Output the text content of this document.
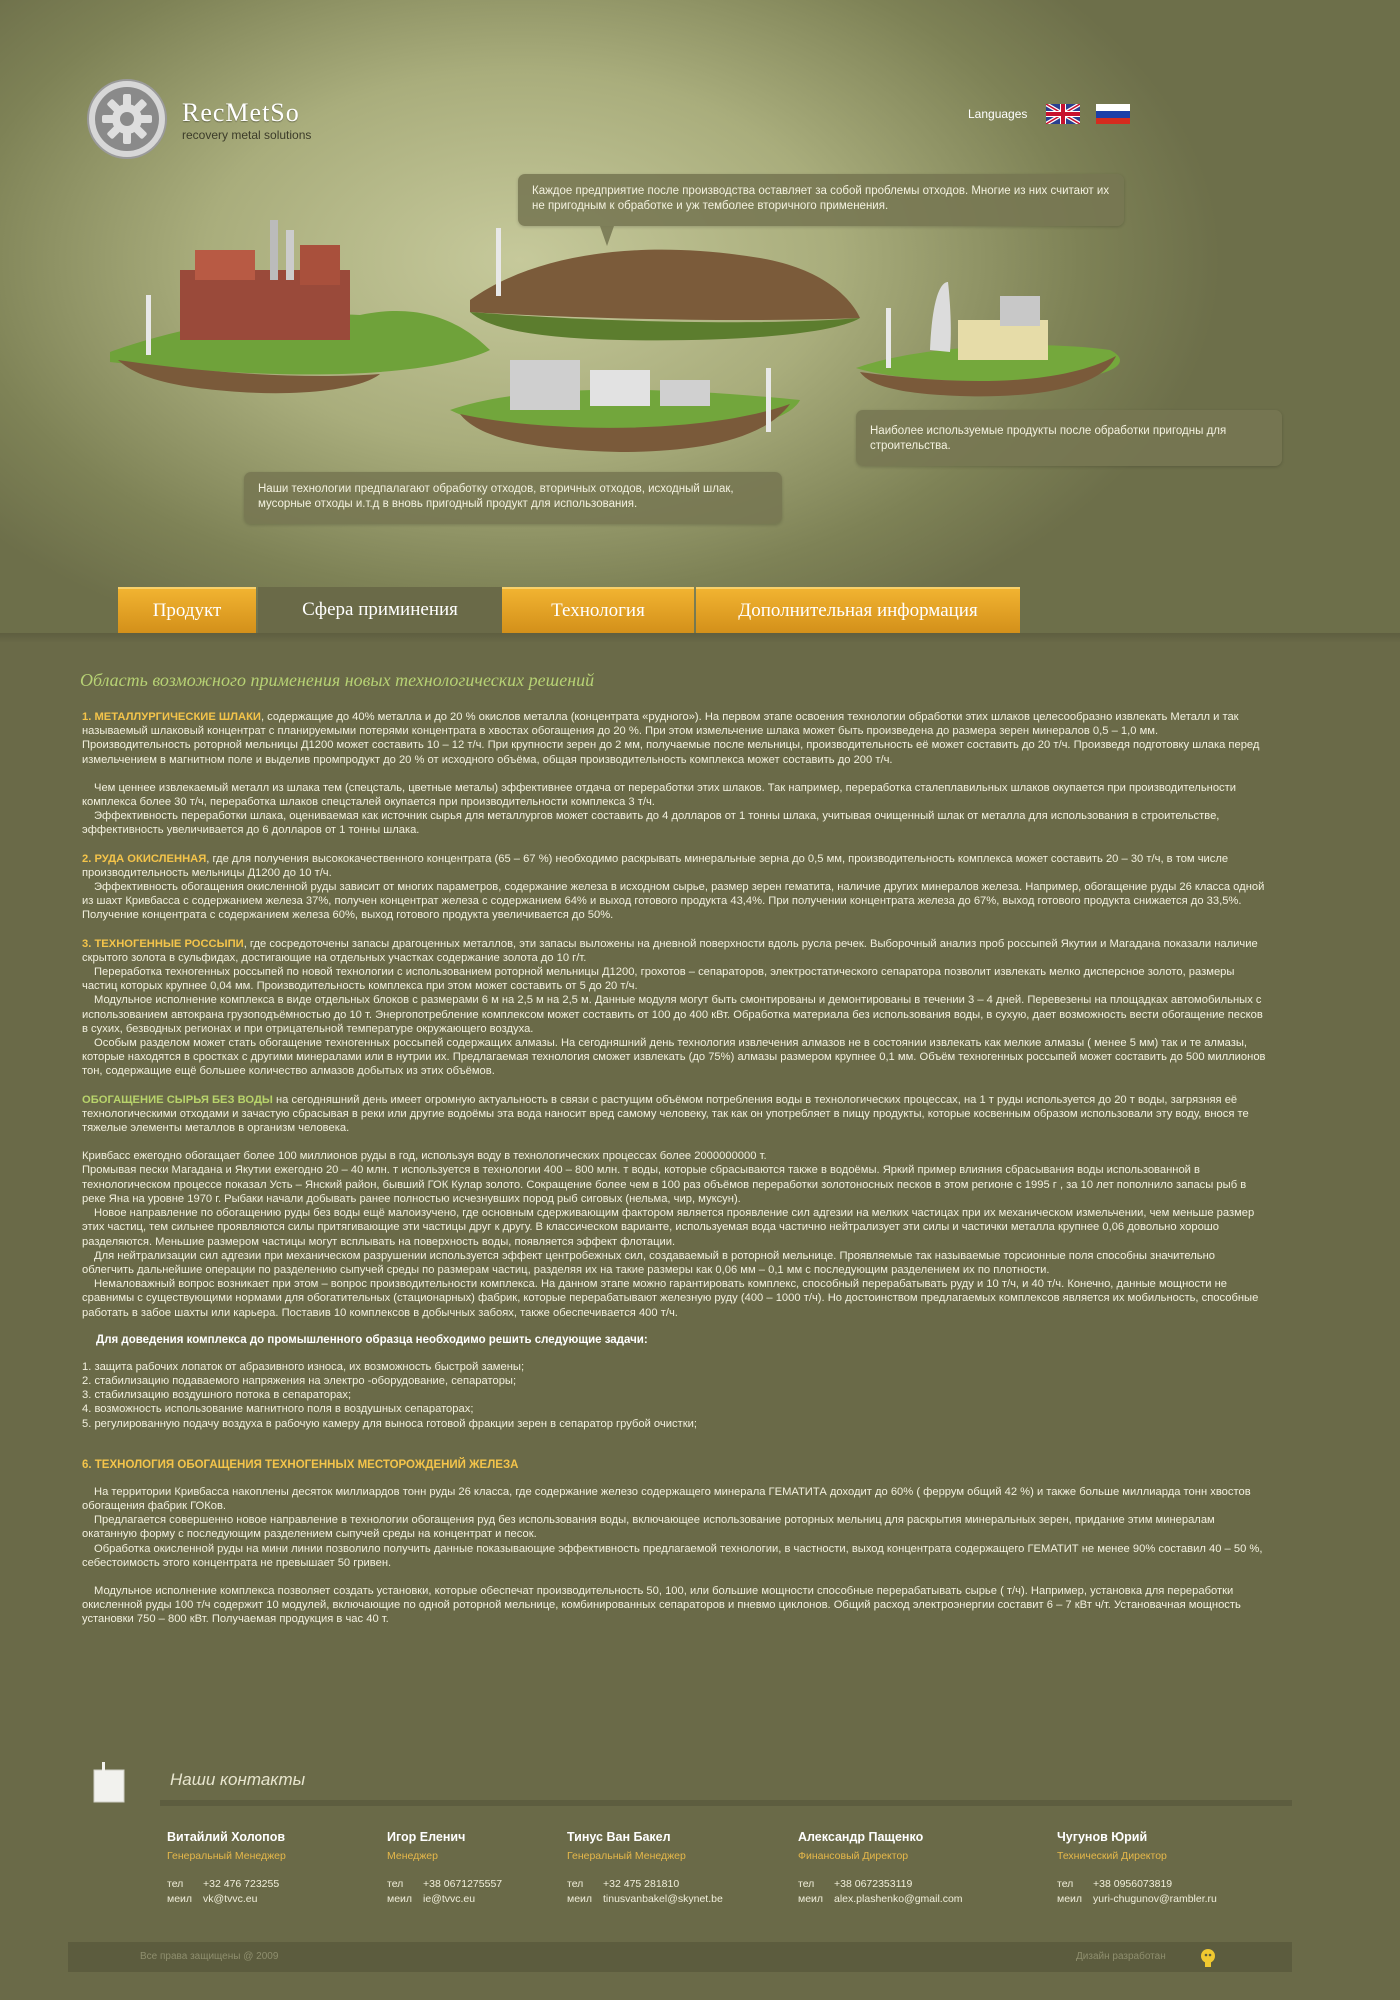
RecMetSo
recovery metal solutions
Languages
Каждое предприятие после производства оставляет за собой проблемы отходов. Многие из них считают их не пригодным к обработке и уж темболее вторичного применения.
Наиболее используемые продукты после обработки пригодны для строительства.
Наши технологии предпалагают обработку отходов, вторичных отходов, исходный шлак, мусорные отходы и.т.д в вновь пригодный продукт для использования.
Продукт	Сфера приминения	Технология	Дополнительная информация
Область возможного применения новых технологических решений

1. МЕТАЛЛУРГИЧЕСКИЕ ШЛАКИ, содержащие до 40% металла и до 20 % окислов металла (концентрата «рудного»). На первом этапе освоения технологии обработки этих шлаков целесообразно извлекать Металл и так называемый шлаковый концентрат с планируемыми потерями концентрата в хвостах обогащения до 20 %. При этом измельчение шлака может быть произведена до размера зерен минералов 0,5 – 1,0 мм. Производительность роторной мельницы Д1200 может составить 10 – 12 т/ч. При крупности зерен до 2 мм, получаемые после мельницы, производительность её может составить до 20 т/ч. Произведя подготовку шлака перед измельчением в магнитном поле и выделив промпродукт до 20 % от исходного объёма, общая производительность комплекса может составить до 200 т/ч.

Чем ценнее извлекаемый металл из шлака тем (спецсталь, цветные металы) эффективнее отдача от переработки этих шлаков. Так например, переработка сталеплавильных шлаков окупается при производительности комплекса более 30 т/ч, переработка шлаков спецсталей окупается при производительности комплекса 3 т/ч.

Эффективность переработки шлака, оцениваемая как источник сырья для металлургов может составить до 4 долларов от 1 тонны шлака, учитывая очищенный шлак от металла для использования в строительстве, эффективность увеличивается до 6 долларов от 1 тонны шлака.

2. РУДА ОКИСЛЕННАЯ, где для получения высококачественного концентрата (65 – 67 %) необходимо раскрывать минеральные зерна до 0,5 мм, производительность комплекса может составить 20 – 30 т/ч, в том числе производительность мельницы Д1200 до 10 т/ч.

Эффективность обогащения окисленной руды зависит от многих параметров, содержание железа в исходном сырье, размер зерен гематита, наличие других минералов железа. Например, обогащение руды 26 класса одной из шахт Кривбасса с содержанием железа 37%, получен концентрат железа с содержанием 64% и выход готового продукта 43,4%. При получении концентрата железа до 67%, выход готового продукта снижается до 33,5%. Получение концентрата с содержанием железа 60%, выход готового продукта увеличивается до 50%.

3. ТЕХНОГЕННЫЕ РОССЫПИ, где сосредоточены запасы драгоценных металлов, эти запасы выложены на дневной поверхности вдоль русла речек. Выборочный анализ проб россыпей Якутии и Магадана показали наличие скрытого золота в сульфидах, достигающие на отдельных участках содержание золота до 10 г/т.

Переработка техногенных россыпей по новой технологии с использованием роторной мельницы Д1200, грохотов – сепараторов, электростатического сепаратора позволит извлекать мелко дисперсное золото, размеры частиц которых крупнее 0,04 мм. Производительность комплекса при этом может составить от 5 до 20 т/ч.

Модульное исполнение комплекса в виде отдельных блоков с размерами 6 м на 2,5 м на 2,5 м. Данные модуля могут быть смонтированы и демонтированы в течении 3 – 4 дней. Перевезены на площадках автомобильных с использованием автокрана грузоподъёмностью до 10 т. Энергопотребление комплексом может составить от 100 до 400 кВт. Обработка материала без использования воды, в сухую, дает возможность вести обогащение песков в сухих, безводных регионах и при отрицательной температуре окружающего воздуха.

Особым разделом может стать обогащение техногенных россыпей содержащих алмазы. На сегодняшний день технология извлечения алмазов не в состоянии извлекать как мелкие алмазы ( менее 5 мм) так и те алмазы, которые находятся в сростках с другими минералами или в нутрии их. Предлагаемая технология сможет извлекать (до 75%) алмазы размером крупнее 0,1 мм. Объём техногенных россыпей может составить до 500 миллионов тон, содержащие ещё большее количество алмазов добытых из этих объёмов.

ОБОГАЩЕНИЕ СЫРЬЯ БЕЗ ВОДЫ на сегодняшний день имеет огромную актуальность в связи с растущим объёмом потребления воды в технологических процессах, на 1 т руды используется до 20 т воды, загрязняя её технологическими отходами и зачастую сбрасывая в реки или другие водоёмы эта вода наносит вред самому человеку, так как он употребляет в пищу продукты, которые косвенным образом использовали эту воду, внося те тяжелые элементы металлов в организм человека.

Кривбасс ежегодно обогащает более 100 миллионов руды в год, используя воду в технологических процессах более 2000000000 т.

Промывая пески Магадана и Якутии ежегодно 20 – 40 млн. т используется в технологии 400 – 800 млн. т воды, которые сбрасываются также в водоёмы. Яркий пример влияния сбрасывания воды использованной в технологическом процессе показал Усть – Янский район, бывший ГОК Кулар золото. Сокращение более чем в 100 раз объёмов переработки золотоносных песков в этом регионе с 1995 г , за 10 лет пополнило запасы рыб в реке Яна на уровне 1970 г. Рыбаки начали добывать ранее полностью исчезнувших пород рыб сиговых (нельма, чир, муксун).

Новое направление по обогащению руды без воды ещё малоизучено, где основным сдерживающим фактором является проявление сил адгезии на мелких частицах при их механическом измельчении, чем меньше размер этих частиц, тем сильнее проявляются силы притягивающие эти частицы друг к другу. В классическом варианте, используемая вода частично нейтрализует эти силы и частички металла крупнее 0,06 довольно хорошо разделяются. Меньшие размером частицы могут всплывать на поверхность воды, появляется эффект флотации.

Для нейтрализации сил адгезии при механическом разрушении используется эффект центробежных сил, создаваемый в роторной мельнице. Проявляемые так называемые торсионные поля способны значительно облегчить дальнейшие операции по разделению сыпучей среды по размерам частиц, разделяя их на такие размеры как 0,06 мм – 0,1 мм с последующим разделением их по плотности.

Немаловажный вопрос возникает при этом – вопрос производительности комплекса. На данном этапе можно гарантировать комплекс, способный перерабатывать руду и 10 т/ч, и 40 т/ч. Конечно, данные мощности не сравнимы с существующими нормами для обогатительных (стационарных) фабрик, которые перерабатывают железную руду (400 – 1000 т/ч). Но достоинством предлагаемых комплексов является их мобильность, способные работать в забое шахты или карьера. Поставив 10 комплексов в добычных забоях, также обеспечивается 400 т/ч.

Для доведения комплекса до промышленного образца необходимо решить следующие задачи:

1. защита рабочих лопаток от абразивного износа, их возможность быстрой замены;

2. стабилизацию подаваемого напряжения на электро -оборудование, сепараторы;

3. стабилизацию воздушного потока в сепараторах;

4. возможность использование магнитного поля в воздушных сепараторах;

5. регулированную подачу воздуха в рабочую камеру для выноса готовой фракции зерен в сепаратор грубой очистки;

6. ТЕХНОЛОГИЯ ОБОГАЩЕНИЯ ТЕХНОГЕННЫХ МЕСТОРОЖДЕНИЙ ЖЕЛЕЗА

На территории Кривбасса накоплены десяток миллиардов тонн руды 26 класса, где содержание железо содержащего минерала ГЕМАТИТА доходит до 60% ( феррум общий 42 %) и также больше миллиарда тонн хвостов обогащения фабрик ГОКов.

Предлагается совершенно новое направление в технологии обогащения руд без использования воды, включающее использование роторных мельниц для раскрытия минеральных зерен, придание этим минералам окатанную форму с последующим разделением сыпучей среды на концентрат и песок.

Обработка окисленной руды на мини линии позволило получить данные показывающие эффективность предлагаемой технологии, в частности, выход концентрата содержащего ГЕМАТИТ не менее 90% составил 40 – 50 %, себестоимость этого концентрата не превышает 50 гривен.

Модульное исполнение комплекса позволяет создать установки, которые обеспечат производительность 50, 100, или большие мощности способные перерабатывать сырье ( т/ч). Например, установка для переработки окисленной руды 100 т/ч содержит 10 модулей, включающие по одной роторной мельнице, комбинированных сепараторов и пневмо циклонов. Общий расход электроэнергии составит 6 – 7 кВт ч/т. Установачная мощность установки 750 – 800 кВт. Получаемая продукция в час 40 т.

Наши контакты
Витайлий Холопов
Генеральный Менеджер
тел +32 476 723255
меил vk@tvvc.eu
Игор Еленич
Менеджер
тел +38 0671275557
меил ie@tvvc.eu
Тинус Ван Бакел
Генеральный Менеджер
тел +32 475 281810
меил tinusvanbakel@skynet.be
Александр Пащенко
Финансовый Директор
тел +38 0672353119
меил alex.plashenko@gmail.com
Чугунов Юрий
Технический Директор
тел +38 0956073819
меил yuri-chugunov@rambler.ru
Все права защищены @ 2009	Дизайн разработан
